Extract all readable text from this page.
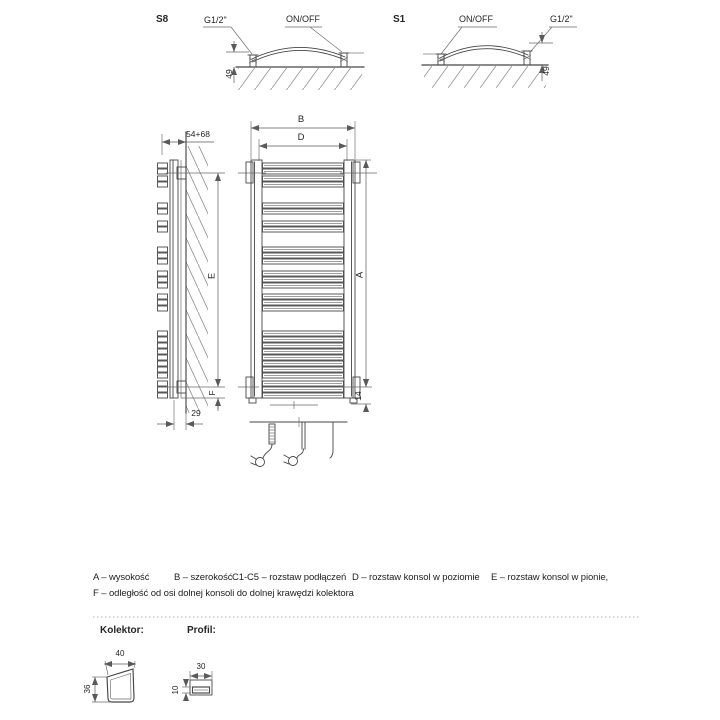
S8	G1/2"	ON/OFF
49
S1	ON/OFF	G1/2"
49
54+68
E
F
29
B
D
A
14
A – wysokość	B – szerokość C1-C5 – rozstaw podłączeń D – rozstaw konsol w poziomie E – rozstaw konsol w pionie,
F – odległość od osi dolnej konsoli do dolnej krawędzi kolektora
Kolektor:	Profil:
40
36
30
10
